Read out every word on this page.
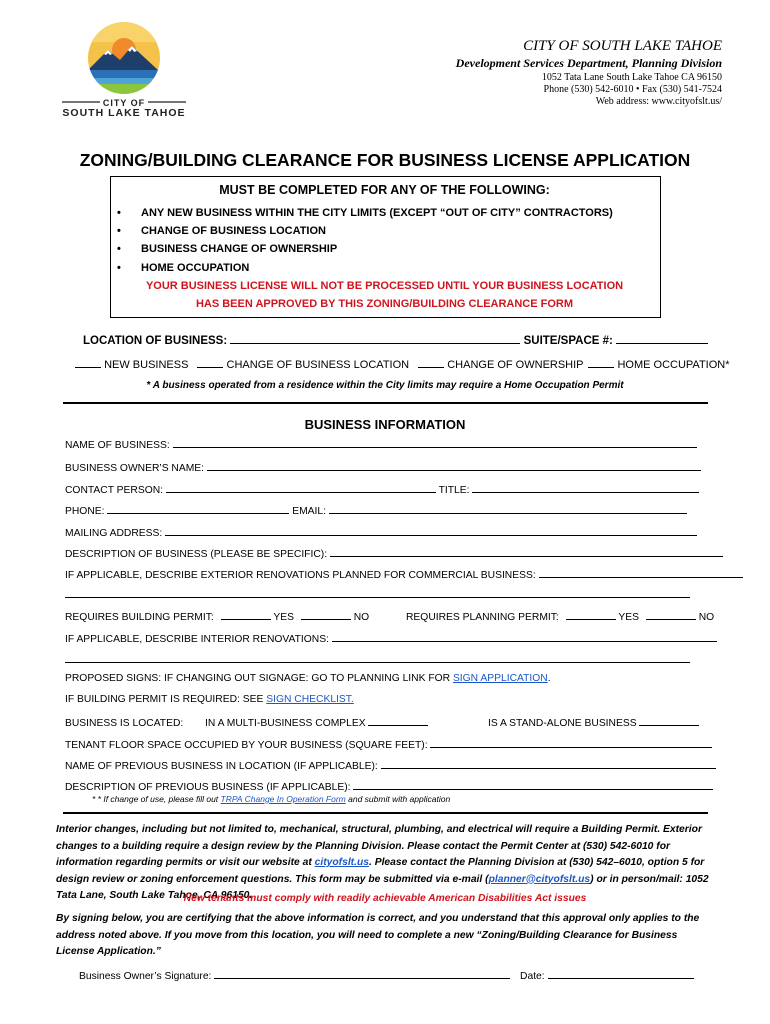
CITY OF
SOUTH LAKE TAHOE
CITY OF SOUTH LAKE TAHOE
Development Services Department, Planning Division
1052 Tata Lane South Lake Tahoe CA 96150
Phone (530) 542-6010 • Fax (530) 541-7524
Web address: www.cityofslt.us/
ZONING/BUILDING CLEARANCE FOR BUSINESS LICENSE APPLICATION
MUST BE COMPLETED FOR ANY OF THE FOLLOWING:
• ANY NEW BUSINESS WITHIN THE CITY LIMITS (EXCEPT “OUT OF CITY” CONTRACTORS)
• CHANGE OF BUSINESS LOCATION
• BUSINESS CHANGE OF OWNERSHIP
• HOME OCCUPATION
YOUR BUSINESS LICENSE WILL NOT BE PROCESSED UNTIL YOUR BUSINESS LOCATION
HAS BEEN APPROVED BY THIS ZONING/BUILDING CLEARANCE FORM
LOCATION OF BUSINESS:	SUITE/SPACE #:
NEW BUSINESS	CHANGE OF BUSINESS LOCATION	CHANGE OF OWNERSHIP	HOME OCCUPATION*
* A business operated from a residence within the City limits may require a Home Occupation Permit
BUSINESS INFORMATION
NAME OF BUSINESS:
BUSINESS OWNER’S NAME:
CONTACT PERSON:	TITLE:
PHONE:	EMAIL:
MAILING ADDRESS:
DESCRIPTION OF BUSINESS (PLEASE BE SPECIFIC):
IF APPLICABLE, DESCRIBE EXTERIOR RENOVATIONS PLANNED FOR COMMERCIAL BUSINESS:
REQUIRES BUILDING PERMIT:	YES	NO	REQUIRES PLANNING PERMIT:	YES	NO
IF APPLICABLE, DESCRIBE INTERIOR RENOVATIONS:
PROPOSED SIGNS: IF CHANGING OUT SIGNAGE: GO TO PLANNING LINK FOR SIGN APPLICATION.
IF BUILDING PERMIT IS REQUIRED: SEE SIGN CHECKLIST.
BUSINESS IS LOCATED: IN A MULTI-BUSINESS COMPLEX	IS A STAND-ALONE BUSINESS
TENANT FLOOR SPACE OCCUPIED BY YOUR BUSINESS (SQUARE FEET):
NAME OF PREVIOUS BUSINESS IN LOCATION (IF APPLICABLE):
DESCRIPTION OF PREVIOUS BUSINESS (IF APPLICABLE):
* * If change of use, please fill out TRPA Change In Operation Form and submit with application
Interior changes, including but not limited to, mechanical, structural, plumbing, and electrical will require a Building Permit. Exterior changes to a building require a design review by the Planning Division. Please contact the Permit Center at (530) 542-6010 for information regarding permits or visit our website at cityofslt.us. Please contact the Planning Division at (530) 542–6010, option 5 for design review or zoning enforcement questions. This form may be submitted via e-mail (planner@cityofslt.us) or in person/mail: 1052 Tata Lane, South Lake Tahoe, CA 96150.
New tenants must comply with readily achievable American Disabilities Act issues
By signing below, you are certifying that the above information is correct, and you understand that this approval only applies to the address noted above. If you move from this location, you will need to complete a new “Zoning/Building Clearance for Business License Application.”
Business Owner’s Signature:	Date:
